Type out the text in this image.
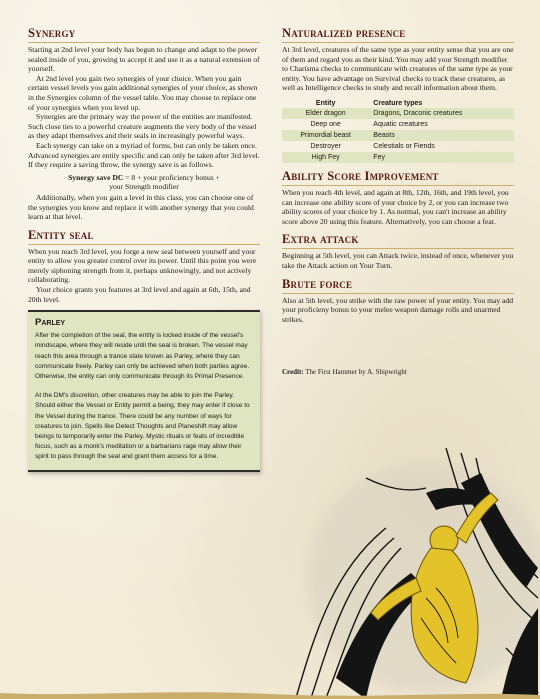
Synergy

Starting at 2nd level your body has begun to change and adapt to the power sealed inside of you, growing to accept it and use it as a natural extension of yourself.

At 2nd level you gain two synergies of your choice. When you gain certain vessel levels you gain additional synergies of your choice, as shown in the Synergies column of the vessel table. You may choose to replace one of your synergies when you level up.

Synergies are the primary way the power of the entities are manifested. Such close ties to a powerful creature augments the very body of the vessel as they adapt themselves and their seals in increasingly powerful ways.

Each synergy can take on a myriad of forms, but can only be taken once. Advanced synergies are entity specific and can only be taken after 3rd level. If they require a saving throw, the synergy save is as follows.

Synergy save DC = 8 + your proficiency bonus +
your Strength modifier

Additionally, when you gain a level in this class, you can choose one of the synergies you know and replace it with another synergy that you could learn at that level.

Entity seal

When you reach 3rd level, you forge a new seal between yourself and your entity to allow you greater control over its power. Until this point you were merely siphoning strength from it, perhaps unknowingly, and not actively collaborating.

Your choice grants you features at 3rd level and again at 6th, 15th, and 20th level.

Parley

After the completion of the seal, the entity is locked inside of the vessel's mindscape, where they will reside until the seal is broken. The vessel may reach this area through a trance state known as Parley, where they can communicate freely. Parley can only be achieved when both parties agree. Otherwise, the entity can only communicate through its Primal Presence.

At the DM's discretion, other creatures may be able to join the Parley. Should either the Vessel or Entity permit a being, they may enter if close to the Vessel during the trance. There could be any number of ways for creatures to join. Spells like Detect Thoughts and Planeshift may allow beings to temporarily enter the Parley. Mystic rituals or feats of incredible focus, such as a monk's meditation or a barbarians rage may allow their spirit to pass through the seal and grant them access for a time.

Naturalized presence

At 3rd level, creatures of the same type as your entity sense that you are one of them and regard you as their kind. You may add your Strength modifier to Charisma checks to communicate with creatures of the same type as your entity. You have advantage on Survival checks to track these creatures, as well as Intelligence checks to study and recall information about them.

Entity	Creature types
Elder dragon	Dragons, Draconic creatures
Deep one	Aquatic creatures
Primordial beast	Beasts
Destroyer	Celestials or Fiends
High Fey	Fey
Ability Score Improvement

When you reach 4th level, and again at 8th, 12th, 16th, and 19th level, you can increase one ability score of your choice by 2, or you can increase two ability scores of your choice by 1. As normal, you can't increase an ability score above 20 using this feature. Alternatively, you can choose a feat.

Extra attack

Beginning at 5th level, you can Attack twice, instead of once, whenever you take the Attack action on Your Turn.

Brute force

Also at 5th level, you strike with the raw power of your entity. You may add your proficieny bonus to your melee weapon damage rolls and unarmed strikes.

Credit: The First Hammer by A. Shipwright
